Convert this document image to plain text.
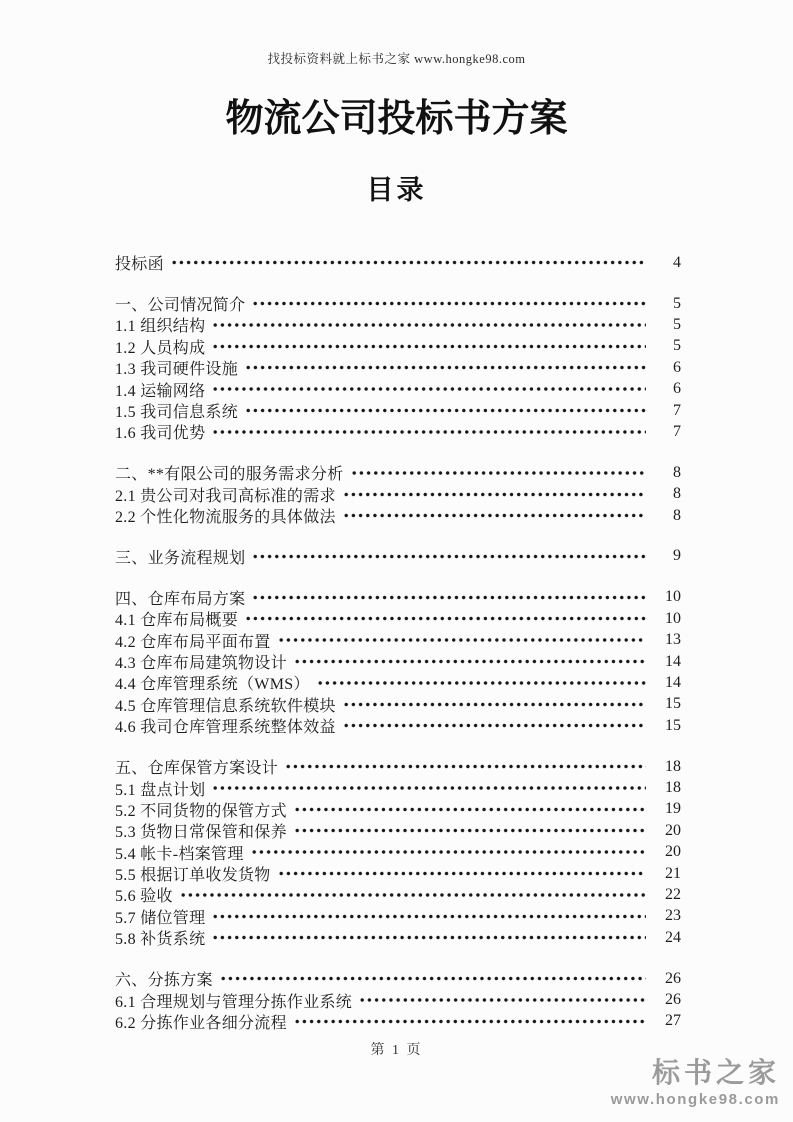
找投标资料就上标书之家 www.hongke98.com
物流公司投标书方案
目录
投标函	4
一、公司情况简介	5
1.1 组织结构	5
1.2 人员构成	5
1.3 我司硬件设施	6
1.4 运输网络	6
1.5 我司信息系统	7
1.6 我司优势	7
二、**有限公司的服务需求分析	8
2.1 贵公司对我司高标准的需求	8
2.2 个性化物流服务的具体做法	8
三、业务流程规划	9
四、仓库布局方案	10
4.1 仓库布局概要	10
4.2 仓库布局平面布置	13
4.3 仓库布局建筑物设计	14
4.4 仓库管理系统（WMS）	14
4.5 仓库管理信息系统软件模块	15
4.6 我司仓库管理系统整体效益	15
五、仓库保管方案设计	18
5.1 盘点计划	18
5.2 不同货物的保管方式	19
5.3 货物日常保管和保养	20
5.4 帐卡-档案管理	20
5.5 根据订单收发货物	21
5.6 验收	22
5.7 储位管理	23
5.8 补货系统	24
六、分拣方案	26
6.1 合理规划与管理分拣作业系统	26
6.2 分拣作业各细分流程	27
第 1 页
标书之家
www.hongke98.com
